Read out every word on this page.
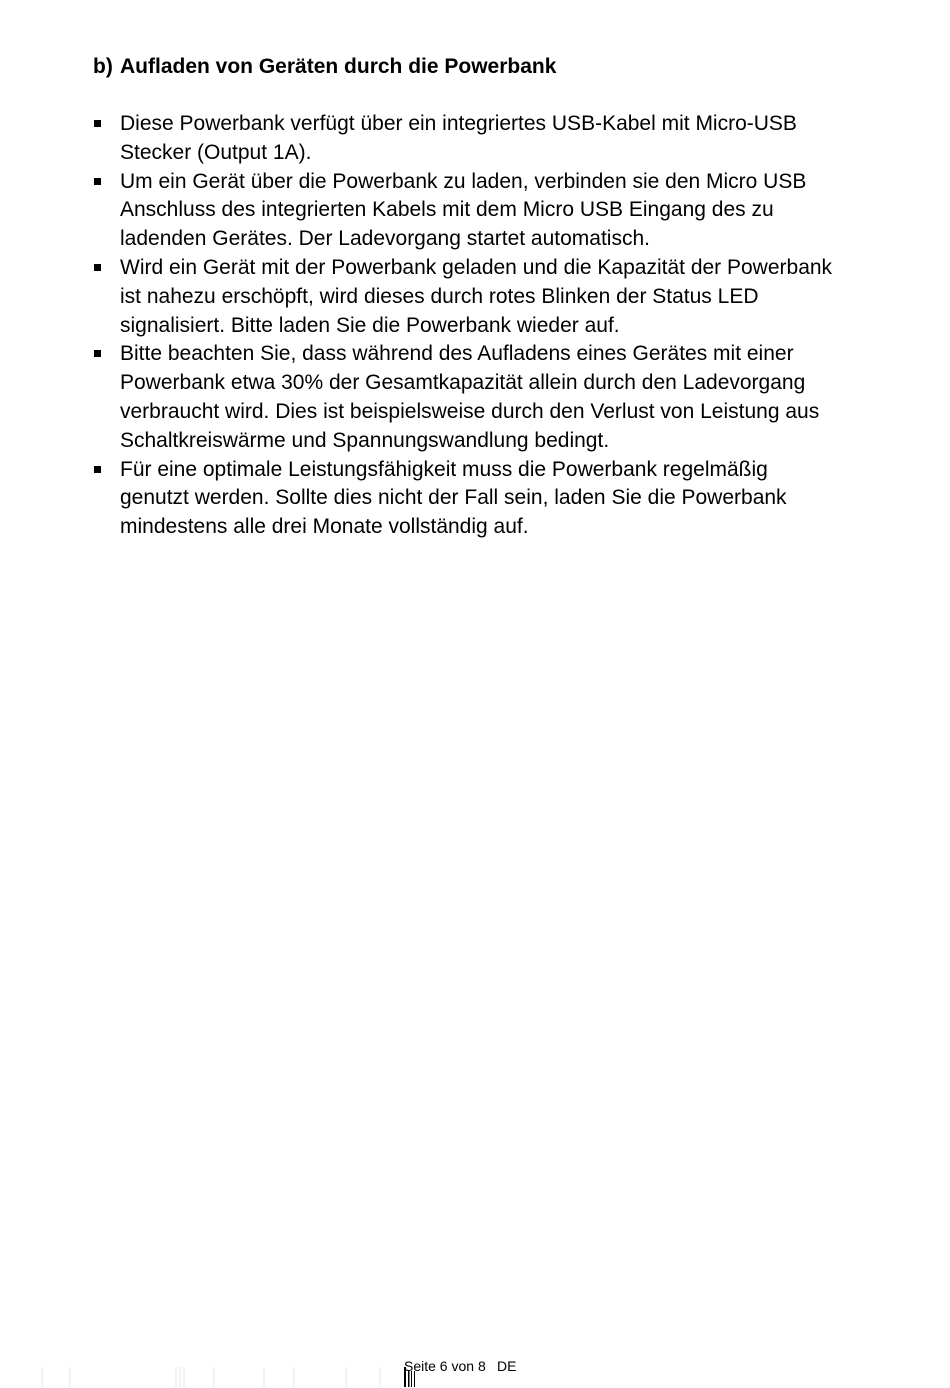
b) Aufladen von Geräten durch die Powerbank
Diese Powerbank verfügt über ein integriertes USB-Kabel mit Micro-USB Stecker (Output 1A).
Um ein Gerät über die Powerbank zu laden, verbinden sie den Micro USB Anschluss des integrierten Kabels mit dem Micro USB Eingang des zu ladenden Gerätes. Der Ladevorgang startet automatisch.
Wird ein Gerät mit der Powerbank geladen und die Kapazität der Powerbank ist nahezu erschöpft, wird dieses durch rotes Blinken der Status LED signalisiert. Bitte laden Sie die Powerbank wieder auf.
Bitte beachten Sie, dass während des Aufladens eines Gerätes mit einer Powerbank etwa 30% der Gesamtkapazität allein durch den Ladevorgang verbraucht wird. Dies ist beispielsweise durch den Verlust von Leistung aus Schaltkreiswärme und Spannungswandlung bedingt.
Für eine optimale Leistungsfähigkeit muss die Powerbank regelmäßig genutzt werden. Sollte dies nicht der Fall sein, laden Sie die Powerbank mindestens alle drei Monate vollständig auf.
Seite 6 von 8 DE
